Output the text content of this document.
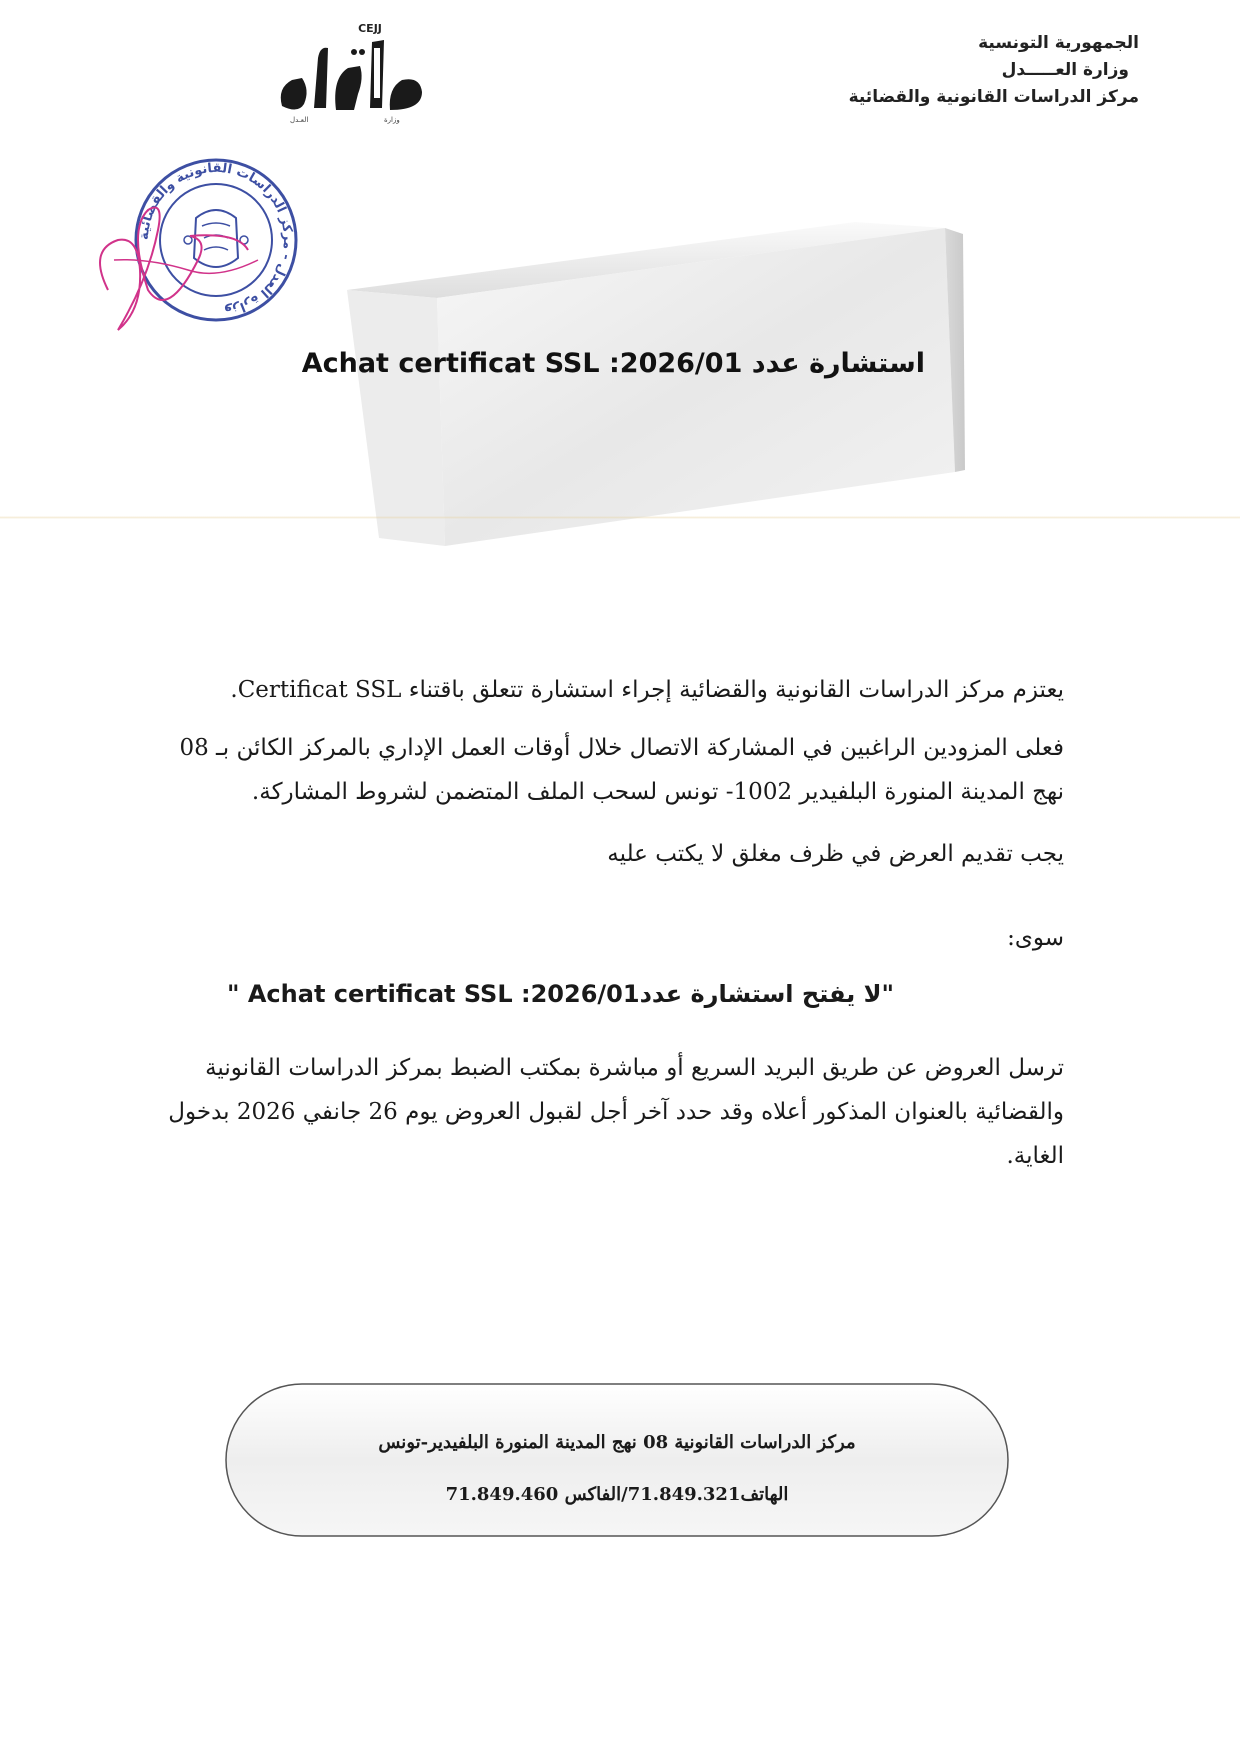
الجمهورية التونسية
وزارة العـــــدل
مركز الدراسات القانونية والقضائية
CEJJ
العـدل	وزارة
وزارة العدل - مركز الدراسات القانونية والقضائية
استشارة عدد 2026/01: Achat certificat SSL

يعتزم مركز الدراسات القانونية والقضائية إجراء استشارة تتعلق باقتناء Certificat SSL.

فعلى المزودين الراغبين في المشاركة الاتصال خلال أوقات العمل الإداري بالمركز الكائن بـ 08 نهج المدينة المنورة البلفيدير 1002- تونس لسحب الملف المتضمن لشروط المشاركة.

يجب تقديم العرض في ظرف مغلق لا يكتب عليه

سوى:

"لا يفتح استشارة عدد2026/01: Achat certificat SSL "

ترسل العروض عن طريق البريد السريع أو مباشرة بمكتب الضبط بمركز الدراسات القانونية والقضائية بالعنوان المذكور أعلاه وقد حدد آخر أجل لقبول العروض يوم 26 جانفي 2026 بدخول الغاية.

مركز الدراسات القانونية 08 نهج المدينة المنورة البلفيدير-تونس
الهاتف71.849.321/الفاكس 71.849.460
